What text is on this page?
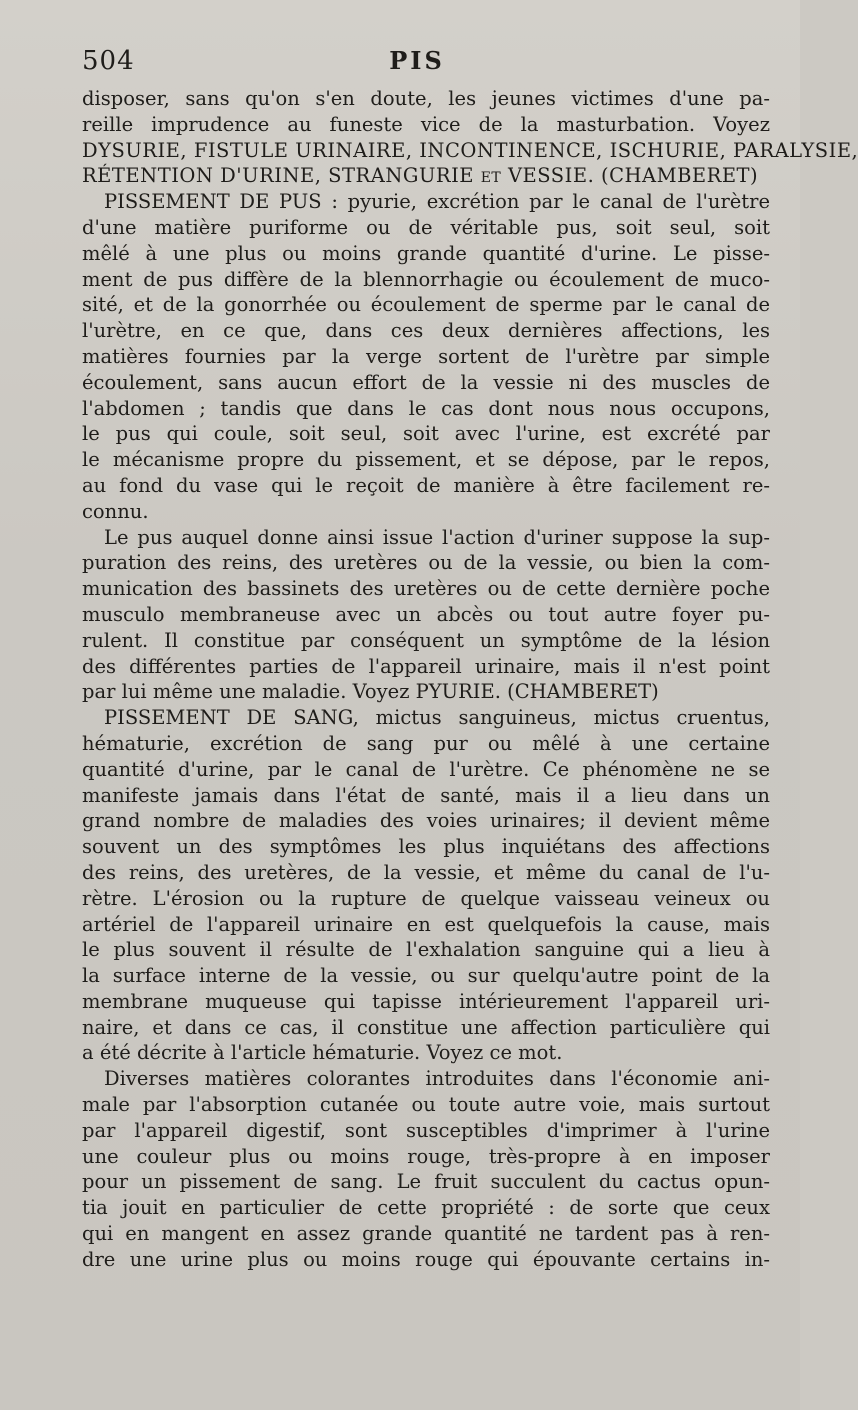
504	PIS
disposer, sans qu'on s'en doute, les jeunes victimes d'une pa-
reille imprudence au funeste vice de la masturbation. Voyez
DYSURIE, FISTULE URINAIRE, INCONTINENCE, ISCHURIE, PARALYSIE,
RÉTENTION D'URINE, STRANGURIE et VESSIE. (CHAMBERET)
PISSEMENT DE PUS : pyurie, excrétion par le canal de l'urètre
d'une matière puriforme ou de véritable pus, soit seul, soit
mêlé à une plus ou moins grande quantité d'urine. Le pisse-
ment de pus diffère de la blennorrhagie ou écoulement de muco-
sité, et de la gonorrhée ou écoulement de sperme par le canal de
l'urètre, en ce que, dans ces deux dernières affections, les
matières fournies par la verge sortent de l'urètre par simple
écoulement, sans aucun effort de la vessie ni des muscles de
l'abdomen ; tandis que dans le cas dont nous nous occupons,
le pus qui coule, soit seul, soit avec l'urine, est excrété par
le mécanisme propre du pissement, et se dépose, par le repos,
au fond du vase qui le reçoit de manière à être facilement re-
connu.
Le pus auquel donne ainsi issue l'action d'uriner suppose la sup-
puration des reins, des uretères ou de la vessie, ou bien la com-
munication des bassinets des uretères ou de cette dernière poche
musculo membraneuse avec un abcès ou tout autre foyer pu-
rulent. Il constitue par conséquent un symptôme de la lésion
des différentes parties de l'appareil urinaire, mais il n'est point
par lui même une maladie. Voyez PYURIE. (CHAMBERET)
PISSEMENT DE SANG, mictus sanguineus, mictus cruentus,
hématurie, excrétion de sang pur ou mêlé à une certaine
quantité d'urine, par le canal de l'urètre. Ce phénomène ne se
manifeste jamais dans l'état de santé, mais il a lieu dans un
grand nombre de maladies des voies urinaires; il devient même
souvent un des symptômes les plus inquiétans des affections
des reins, des uretères, de la vessie, et même du canal de l'u-
rètre. L'érosion ou la rupture de quelque vaisseau veineux ou
artériel de l'appareil urinaire en est quelquefois la cause, mais
le plus souvent il résulte de l'exhalation sanguine qui a lieu à
la surface interne de la vessie, ou sur quelqu'autre point de la
membrane muqueuse qui tapisse intérieurement l'appareil uri-
naire, et dans ce cas, il constitue une affection particulière qui
a été décrite à l'article hématurie. Voyez ce mot.
Diverses matières colorantes introduites dans l'économie ani-
male par l'absorption cutanée ou toute autre voie, mais surtout
par l'appareil digestif, sont susceptibles d'imprimer à l'urine
une couleur plus ou moins rouge, très-propre à en imposer
pour un pissement de sang. Le fruit succulent du cactus opun-
tia jouit en particulier de cette propriété : de sorte que ceux
qui en mangent en assez grande quantité ne tardent pas à ren-
dre une urine plus ou moins rouge qui épouvante certains in-
